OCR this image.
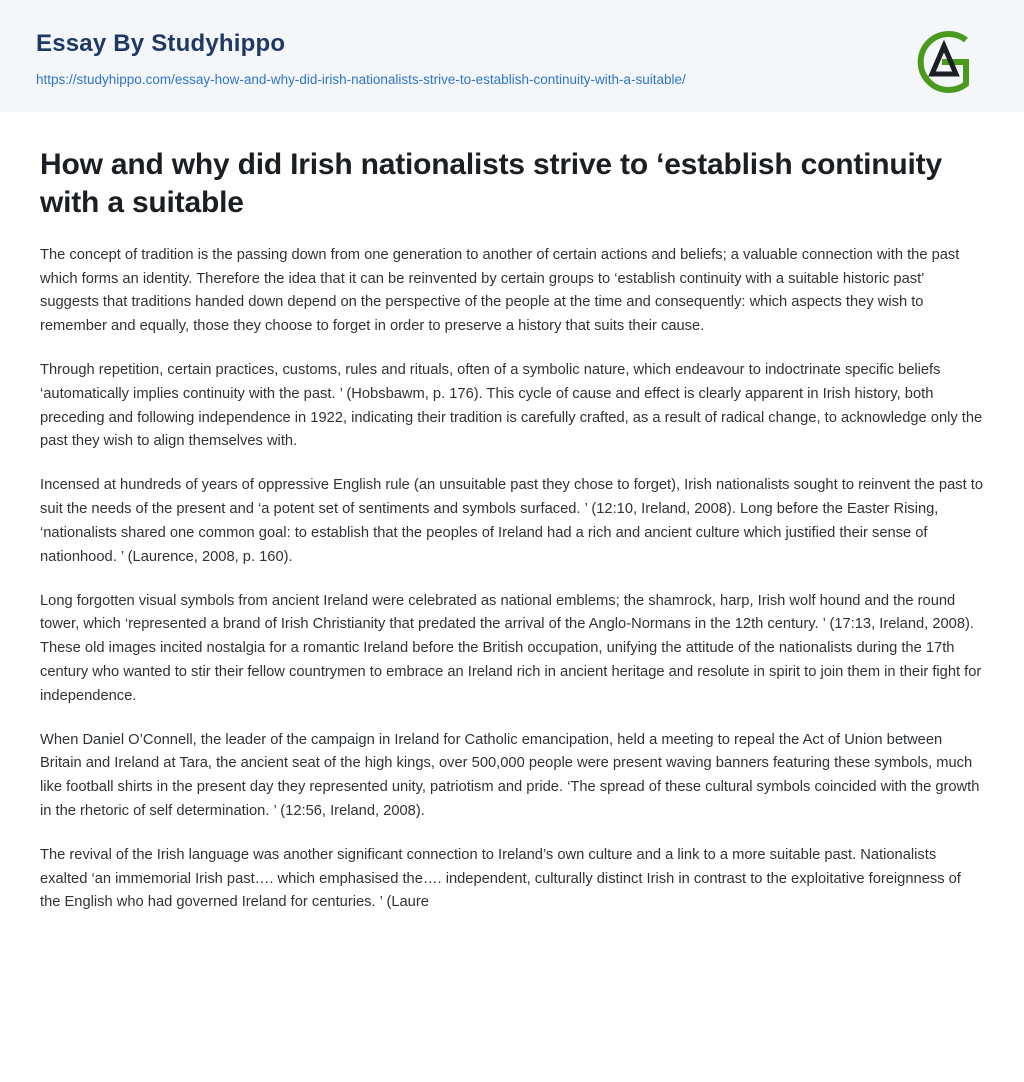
Essay By Studyhippo
https://studyhippo.com/essay-how-and-why-did-irish-nationalists-strive-to-establish-continuity-with-a-suitable/
How and why did Irish nationalists strive to ‘establish continuity with a suitable

The concept of tradition is the passing down from one generation to another of certain actions and beliefs; a valuable connection with the past which forms an identity. Therefore the idea that it can be reinvented by certain groups to ‘establish continuity with a suitable historic past’ suggests that traditions handed down depend on the perspective of the people at the time and consequently: which aspects they wish to remember and equally, those they choose to forget in order to preserve a history that suits their cause.

Through repetition, certain practices, customs, rules and rituals, often of a symbolic nature, which endeavour to indoctrinate specific beliefs ‘automatically implies continuity with the past. ’ (Hobsbawm, p. 176). This cycle of cause and effect is clearly apparent in Irish history, both preceding and following independence in 1922, indicating their tradition is carefully crafted, as a result of radical change, to acknowledge only the past they wish to align themselves with.

Incensed at hundreds of years of oppressive English rule (an unsuitable past they chose to forget), Irish nationalists sought to reinvent the past to suit the needs of the present and ‘a potent set of sentiments and symbols surfaced. ’ (12:10, Ireland, 2008). Long before the Easter Rising, ‘nationalists shared one common goal: to establish that the peoples of Ireland had a rich and ancient culture which justified their sense of nationhood. ’ (Laurence, 2008, p. 160).

Long forgotten visual symbols from ancient Ireland were celebrated as national emblems; the shamrock, harp, Irish wolf hound and the round tower, which ‘represented a brand of Irish Christianity that predated the arrival of the Anglo-Normans in the 12th century. ’ (17:13, Ireland, 2008). These old images incited nostalgia for a romantic Ireland before the British occupation, unifying the attitude of the nationalists during the 17th century who wanted to stir their fellow countrymen to embrace an Ireland rich in ancient heritage and resolute in spirit to join them in their fight for independence.

When Daniel O’Connell, the leader of the campaign in Ireland for Catholic emancipation, held a meeting to repeal the Act of Union between Britain and Ireland at Tara, the ancient seat of the high kings, over 500,000 people were present waving banners featuring these symbols, much like football shirts in the present day they represented unity, patriotism and pride. ‘The spread of these cultural symbols coincided with the growth in the rhetoric of self determination. ’ (12:56, Ireland, 2008).

The revival of the Irish language was another significant connection to Ireland’s own culture and a link to a more suitable past. Nationalists exalted ‘an immemorial Irish past…. which emphasised the…. independent, culturally distinct Irish in contrast to the exploitative foreignness of the English who had governed Ireland for centuries. ’ (Laure
